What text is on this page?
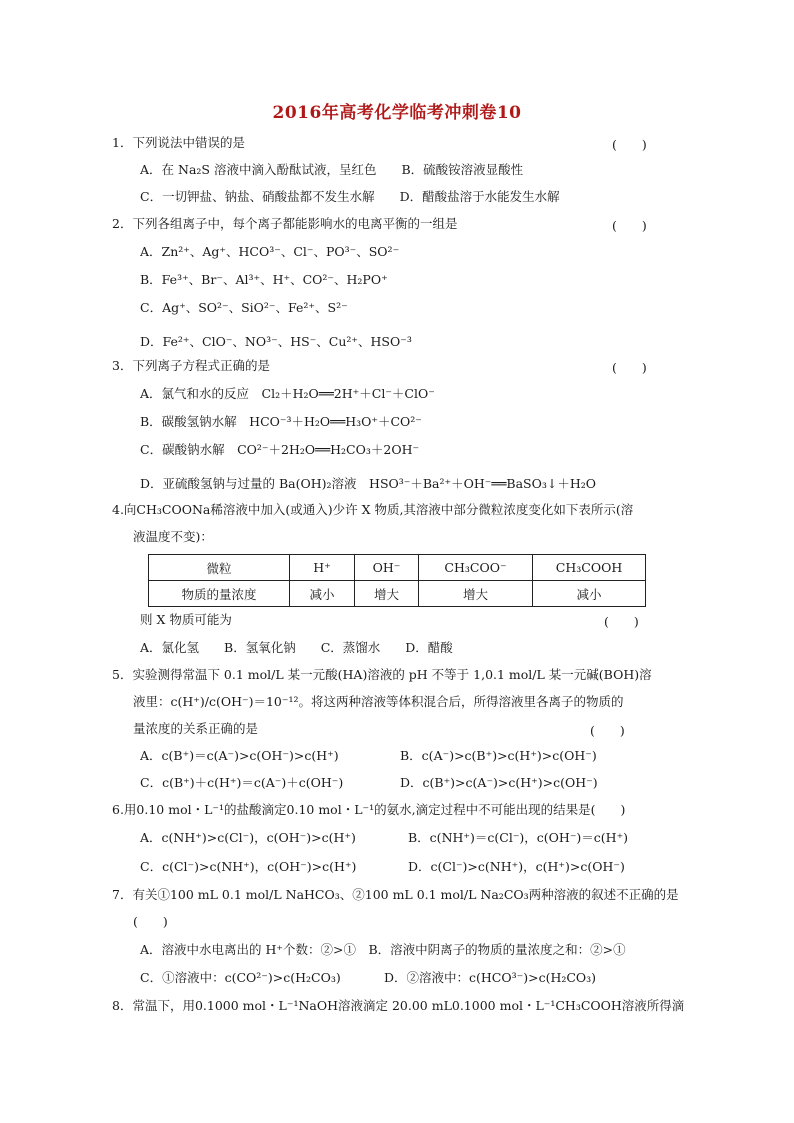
2016年高考化学临考冲刺卷10
1．下列说法中错误的是	(　　)
A．在 Na₂S 溶液中滴入酚酞试液，呈红色　　B．硫酸铵溶液显酸性
C．一切钾盐、钠盐、硝酸盐都不发生水解　　D．醋酸盐溶于水能发生水解
2．下列各组离子中，每个离子都能影响水的电离平衡的一组是	(　　)
A．Zn²⁺、Ag⁺、HCO³⁻、Cl⁻、PO³⁻、SO²⁻
B．Fe³⁺、Br⁻、Al³⁺、H⁺、CO²⁻、H₂PO⁺
C．Ag⁺、SO²⁻、SiO²⁻、Fe²⁺、S²⁻
D．Fe²⁺、ClO⁻、NO³⁻、HS⁻、Cu²⁺、HSO⁻³
3．下列离子方程式正确的是	(　　)
A．氯气和水的反应　Cl₂＋H₂O══2H⁺＋Cl⁻＋ClO⁻
B．碳酸氢钠水解　HCO⁻³＋H₂O══H₃O⁺＋CO²⁻
C．碳酸钠水解　CO²⁻＋2H₂O══H₂CO₃＋2OH⁻
D．亚硫酸氢钠与过量的 Ba(OH)₂溶液　HSO³⁻＋Ba²⁺＋OH⁻══BaSO₃↓＋H₂O
4.向CH₃COONa稀溶液中加入(或通入)少许 X 物质,其溶液中部分微粒浓度变化如下表所示(溶
液温度不变)：
微粒	H⁺	OH⁻	CH₃COO⁻	CH₃COOH
物质的量浓度	减小	增大	增大	减小
则 X 物质可能为	(　　)
A．氯化氢　　B．氢氧化钠　　C．蒸馏水　　D．醋酸
5．实验测得常温下 0.1 mol/L 某一元酸(HA)溶液的 pH 不等于 1,0.1 mol/L 某一元碱(BOH)溶
液里：c(H⁺)/c(OH⁻)＝10⁻¹²。将这两种溶液等体积混合后，所得溶液里各离子的物质的
量浓度的关系正确的是	(　　)
A．c(B⁺)＝c(A⁻)>c(OH⁻)>c(H⁺)	B．c(A⁻)>c(B⁺)>c(H⁺)>c(OH⁻)
C．c(B⁺)＋c(H⁺)＝c(A⁻)＋c(OH⁻)	D．c(B⁺)>c(A⁻)>c(H⁺)>c(OH⁻)
6.用0.10 mol・L⁻¹的盐酸滴定0.10 mol・L⁻¹的氨水,滴定过程中不可能出现的结果是(　　)
A．c(NH⁺)>c(Cl⁻)，c(OH⁻)>c(H⁺)	B．c(NH⁺)＝c(Cl⁻)，c(OH⁻)＝c(H⁺)
C．c(Cl⁻)>c(NH⁺)，c(OH⁻)>c(H⁺)	D．c(Cl⁻)>c(NH⁺)，c(H⁺)>c(OH⁻)
7．有关①100 mL 0.1 mol/L NaHCO₃、②100 mL 0.1 mol/L Na₂CO₃两种溶液的叙述不正确的是
(　　)
A．溶液中水电离出的 H⁺个数：②>①　B．溶液中阴离子的物质的量浓度之和：②>①
C．①溶液中：c(CO²⁻)>c(H₂CO₃)	D．②溶液中：c(HCO³⁻)>c(H₂CO₃)
8．常温下，用0.1000 mol・L⁻¹NaOH溶液滴定 20.00 mL0.1000 mol・L⁻¹CH₃COOH溶液所得滴
